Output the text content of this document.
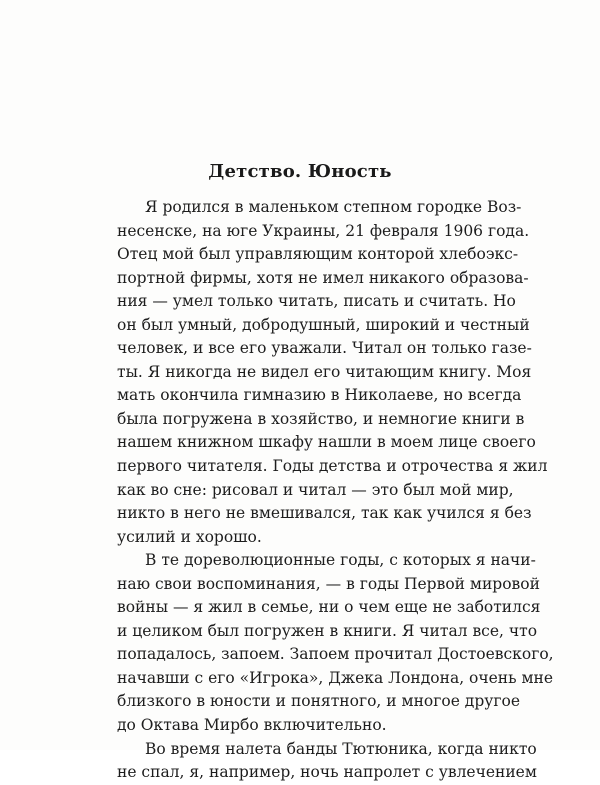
Детство. Юность

Я родился в маленьком степном городке Воз-
несенске, на юге Украины, 21 февраля 1906 года.
Отец мой был управляющим конторой хлебоэкс-
портной фирмы, хотя не имел никакого образова-
ния — умел только читать, писать и считать. Но
он был умный, добродушный, широкий и честный
человек, и все его уважали. Читал он только газе-
ты. Я никогда не видел его читающим книгу. Моя
мать окончила гимназию в Николаеве, но всегда
была погружена в хозяйство, и немногие книги в
нашем книжном шкафу нашли в моем лице своего
первого читателя. Годы детства и отрочества я жил
как во сне: рисовал и читал — это был мой мир,
никто в него не вмешивался, так как учился я без
усилий и хорошо.

В те дореволюционные годы, с которых я начи-
наю свои воспоминания, — в годы Первой мировой
войны — я жил в семье, ни о чем еще не заботился
и целиком был погружен в книги. Я читал все, что
попадалось, запоем. Запоем прочитал Достоевского,
начавши с его «Игрока», Джека Лондона, очень мне
близкого в юности и понятного, и многое другое
до Октава Мирбо включительно.

Во время налета банды Тютюника, когда никто
не спал, я, например, ночь напролет с увлечением
